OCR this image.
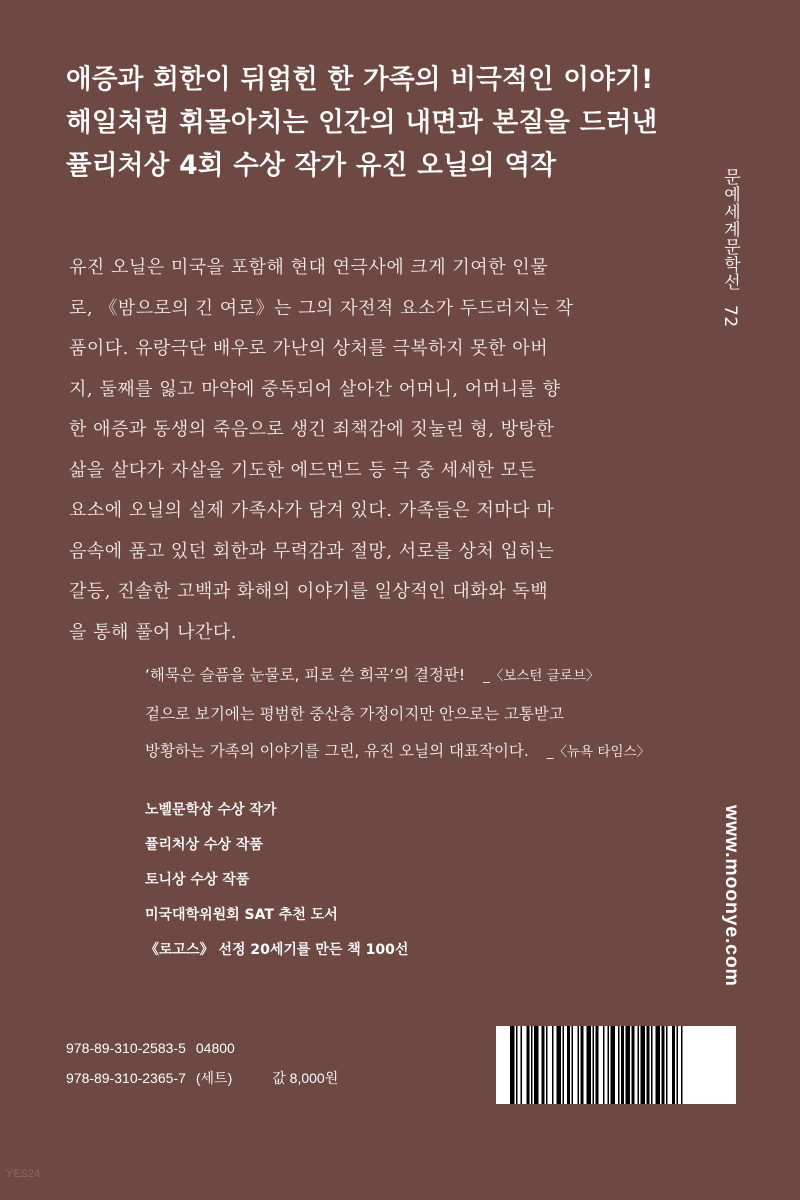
애증과 회한이 뒤얽힌 한 가족의 비극적인 이야기!
해일처럼 휘몰아치는 인간의 내면과 본질을 드러낸
퓰리처상 4회 수상 작가 유진 오닐의 역작
문예세계문학선72
유진 오닐은 미국을 포함해 현대 연극사에 크게 기여한 인물
로, 《밤으로의 긴 여로》는 그의 자전적 요소가 두드러지는 작
품이다. 유랑극단 배우로 가난의 상처를 극복하지 못한 아버
지, 둘째를 잃고 마약에 중독되어 살아간 어머니, 어머니를 향
한 애증과 동생의 죽음으로 생긴 죄책감에 짓눌린 형, 방탕한
삶을 살다가 자살을 기도한 에드먼드 등 극 중 세세한 모든
요소에 오닐의 실제 가족사가 담겨 있다. 가족들은 저마다 마
음속에 품고 있던 회한과 무력감과 절망, 서로를 상처 입히는
갈등, 진솔한 고백과 화해의 이야기를 일상적인 대화와 독백
을 통해 풀어 나간다.
‘해묵은 슬픔을 눈물로, 피로 쓴 희곡’의 결정판! _〈보스턴 글로브〉
겉으로 보기에는 평범한 중산층 가정이지만 안으로는 고통받고
방황하는 가족의 이야기를 그린, 유진 오닐의 대표작이다. _〈뉴욕 타임스〉
노벨문학상 수상 작가
퓰리처상 수상 작품
토니상 수상 작품
미국대학위원회 SAT 추천 도서
《로고스》 선정 20세기를 만든 책 100선	www.moonye.com
978-89-310-2583-5 04800
978-89-310-2365-7 (세트)	값 8,000원
YES24
